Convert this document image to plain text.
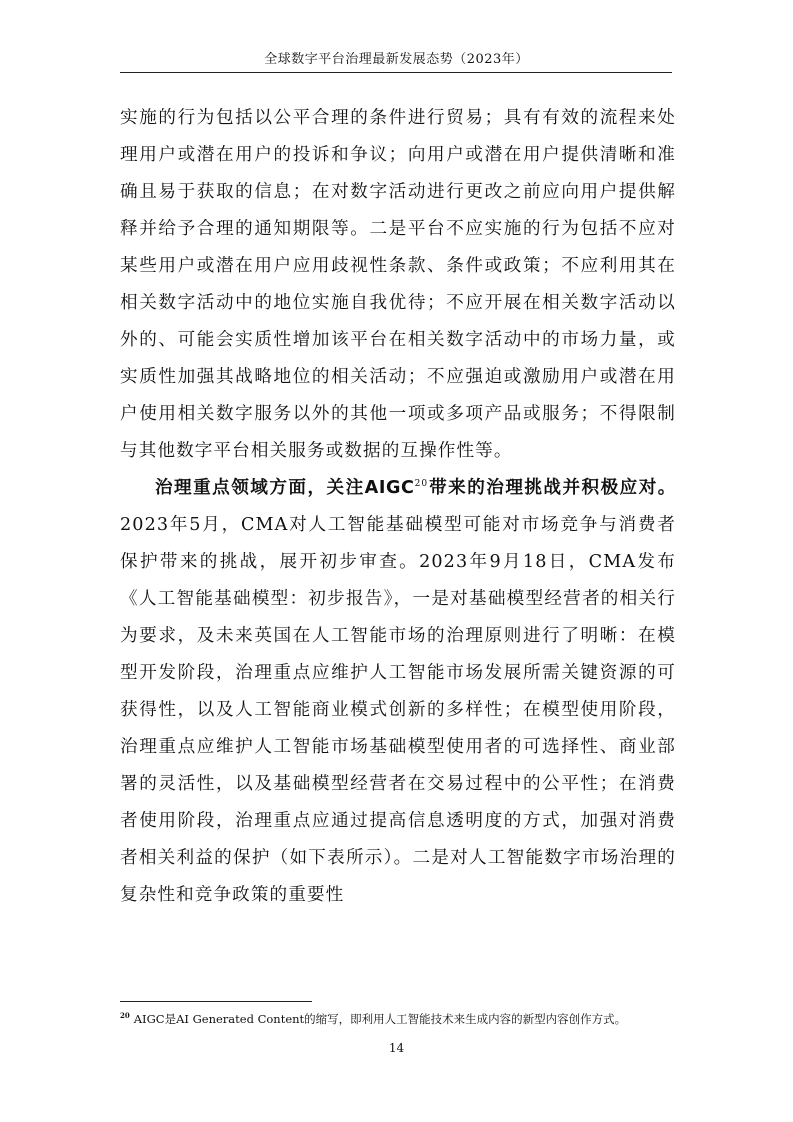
全球数字平台治理最新发展态势（2023年）

实施的行为包括以公平合理的条件进行贸易；具有有效的流程来处理用户或潜在用户的投诉和争议；向用户或潜在用户提供清晰和准确且易于获取的信息；在对数字活动进行更改之前应向用户提供解释并给予合理的通知期限等。二是平台不应实施的行为包括不应对某些用户或潜在用户应用歧视性条款、条件或政策；不应利用其在相关数字活动中的地位实施自我优待；不应开展在相关数字活动以外的、可能会实质性增加该平台在相关数字活动中的市场力量，或实质性加强其战略地位的相关活动；不应强迫或激励用户或潜在用户使用相关数字服务以外的其他一项或多项产品或服务；不得限制与其他数字平台相关服务或数据的互操作性等。

治理重点领域方面，关注AIGC$^{20}$带来的治理挑战并积极应对。2023年5月，CMA对人工智能基础模型可能对市场竞争与消费者保护带来的挑战，展开初步审查。2023年9月18日，CMA发布《人工智能基础模型：初步报告》，一是对基础模型经营者的相关行为要求，及未来英国在人工智能市场的治理原则进行了明晰：在模型开发阶段，治理重点应维护人工智能市场发展所需关键资源的可获得性，以及人工智能商业模式创新的多样性；在模型使用阶段，治理重点应维护人工智能市场基础模型使用者的可选择性、商业部署的灵活性，以及基础模型经营者在交易过程中的公平性；在消费者使用阶段，治理重点应通过提高信息透明度的方式，加强对消费者相关利益的保护（如下表所示）。二是对人工智能数字市场治理的复杂性和竞争政策的重要性

$^{20}$ AIGC是AI Generated Content的缩写，即利用人工智能技术来生成内容的新型内容创作方式。
14
